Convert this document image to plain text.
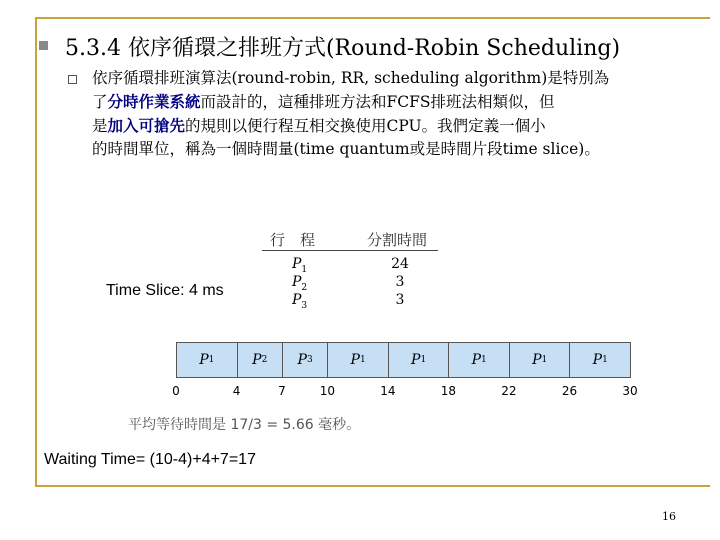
5.3.4 依序循環之排班方式(Round-Robin Scheduling)
依序循環排班演算法(round-robin, RR, scheduling algorithm)是特別為
了分時作業系統而設計的，這種排班方法和FCFS排班法相類似，但
是加入可搶先的規則以便行程互相交換使用CPU。我們定義一個小
的時間單位，稱為一個時間量(time quantum或是時間片段time slice)。
行　程	分割時間
$P_1$	24
$P_2$	3
$P_3$	3
Time Slice: 4 ms
P 1	P 2 P 3	P 1	P 1	P 1	P 1	P 1
0	4	7	10	14	18	22	26	30
平均等待時間是 17/3 = 5.66 毫秒。
Waiting Time= (10-4)+4+7=17
16
